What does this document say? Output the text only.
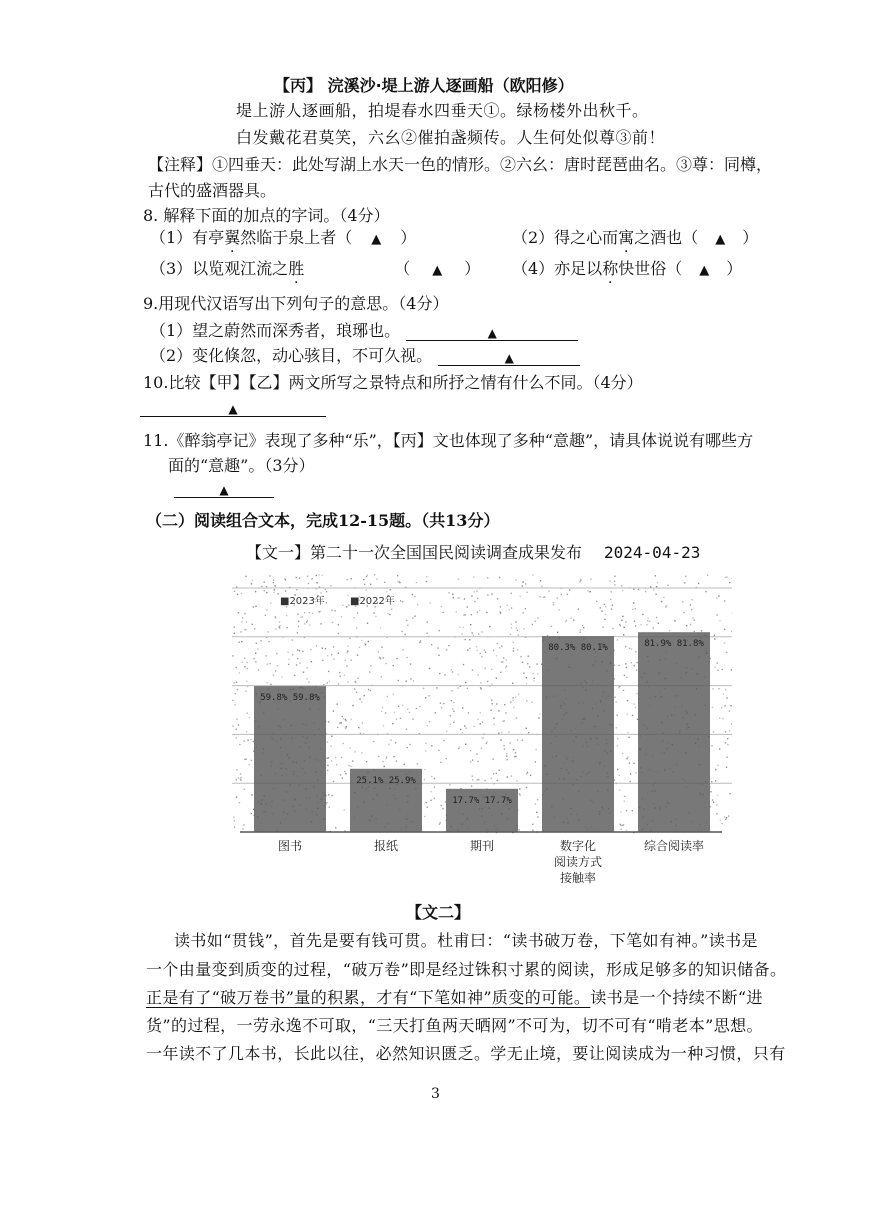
【丙】 浣溪沙·堤上游人逐画船（欧阳修）
堤上游人逐画船，拍堤春水四垂天①。绿杨楼外出秋千。
白发戴花君莫笑，六幺②催拍盏频传。人生何处似尊③前！
【注释】①四垂天：此处写湖上水天一色的情形。②六幺：唐时琵琶曲名。③尊：同樽，
古代的盛酒器具。
8. 解释下面的加点的字词。（4分）
（1）有亭翼然临于泉上者（ ▲ ）	（2）得之心而寓之酒也（ ▲ ）
（3）以览观江流之胜	（ ▲ ） （4）亦足以称快世俗（ ▲ ）
9.用现代汉语写出下列句子的意思。（4分）
（1）望之蔚然而深秀者，琅琊也。	▲
（2）变化倏忽，动心骇目，不可久视。	▲
10.比较【甲】【乙】两文所写之景特点和所抒之情有什么不同。（4分）
▲
11.《醉翁亭记》表现了多种“乐”，【丙】文也体现了多种“意趣”，请具体说说有哪些方
面的“意趣”。（3分）
▲
（二）阅读组合文本，完成12-15题。（共13分）
【文一】第二十一次全国国民阅读调查成果发布 2024-04-23
59.8% 59.8%
图书
25.1% 25.9%
报纸
17.7% 17.7%
期刊
80.3% 80.1%
数字化
阅读方式
接触率
81.9% 81.8%
综合阅读率
■2023年	■2022年
【文二】
读书如“贯钱”，首先是要有钱可贯。杜甫曰：“读书破万卷，下笔如有神。”读书是
一个由量变到质变的过程，“破万卷”即是经过铢积寸累的阅读，形成足够多的知识储备。
正是有了“破万卷书”量的积累，才有“下笔如神”质变的可能。读书是一个持续不断“进
货”的过程，一劳永逸不可取，“三天打鱼两天晒网”不可为，切不可有“啃老本”思想。
一年读不了几本书，长此以往，必然知识匮乏。学无止境，要让阅读成为一种习惯，只有
3
